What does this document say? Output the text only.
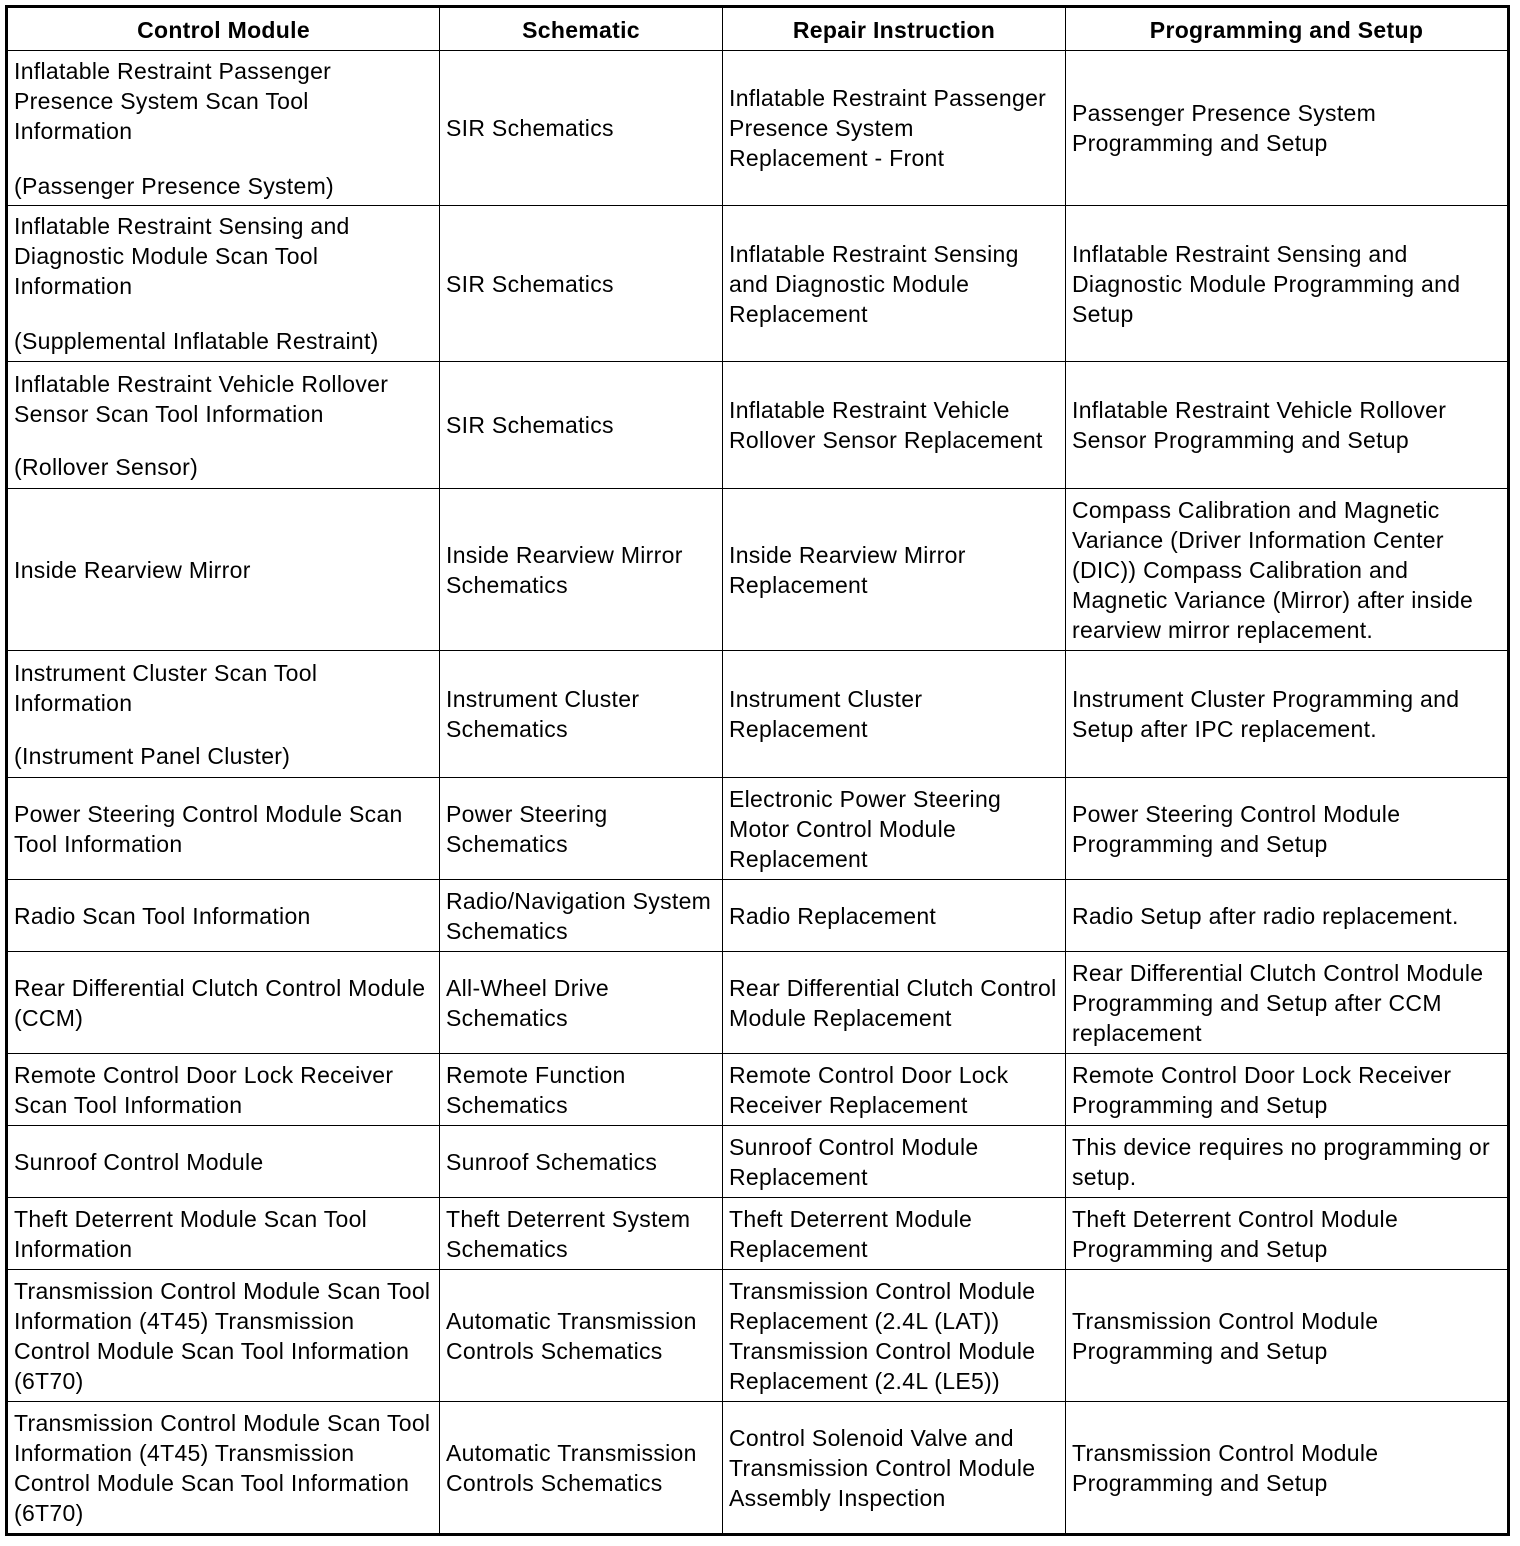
Control Module	Schematic	Repair Instruction	Programming and Setup

Inflatable Restraint Passenger Presence System Scan Tool Information
(Passenger Presence System)	SIR Schematics	Inflatable Restraint Passenger Presence System Replacement - Front	Passenger Presence System Programming and Setup

Inflatable Restraint Sensing and Diagnostic Module Scan Tool Information
(Supplemental Inflatable Restraint)	SIR Schematics	Inflatable Restraint Sensing and Diagnostic Module Replacement	Inflatable Restraint Sensing and Diagnostic Module Programming and Setup

Inflatable Restraint Vehicle Rollover Sensor Scan Tool Information
(Rollover Sensor)	SIR Schematics	Inflatable Restraint Vehicle Rollover Sensor Replacement	Inflatable Restraint Vehicle Rollover Sensor Programming and Setup
Inside Rearview Mirror	Inside Rearview Mirror Schematics	Inside Rearview Mirror Replacement	Compass Calibration and Magnetic Variance (Driver Information Center (DIC)) Compass Calibration and Magnetic Variance (Mirror) after inside rearview mirror replacement.

Instrument Cluster Scan Tool Information
(Instrument Panel Cluster)	Instrument Cluster Schematics	Instrument Cluster Replacement	Instrument Cluster Programming and Setup after IPC replacement.
Power Steering Control Module Scan Tool Information	Power Steering Schematics	Electronic Power Steering Motor Control Module Replacement	Power Steering Control Module Programming and Setup
Radio Scan Tool Information	Radio/Navigation System Schematics	Radio Replacement	Radio Setup after radio replacement.
Rear Differential Clutch Control Module (CCM)	All-Wheel Drive Schematics	Rear Differential Clutch Control Module Replacement	Rear Differential Clutch Control Module Programming and Setup after CCM replacement
Remote Control Door Lock Receiver Scan Tool Information	Remote Function Schematics	Remote Control Door Lock Receiver Replacement	Remote Control Door Lock Receiver Programming and Setup
Sunroof Control Module	Sunroof Schematics	Sunroof Control Module Replacement	This device requires no programming or setup.
Theft Deterrent Module Scan Tool Information	Theft Deterrent System Schematics	Theft Deterrent Module Replacement	Theft Deterrent Control Module Programming and Setup
Transmission Control Module Scan Tool Information (4T45) Transmission Control Module Scan Tool Information (6T70)	Automatic Transmission Controls Schematics	Transmission Control Module Replacement (2.4L (LAT)) Transmission Control Module Replacement (2.4L (LE5))	Transmission Control Module Programming and Setup
Transmission Control Module Scan Tool Information (4T45) Transmission Control Module Scan Tool Information (6T70)	Automatic Transmission Controls Schematics	Control Solenoid Valve and Transmission Control Module Assembly Inspection	Transmission Control Module Programming and Setup
